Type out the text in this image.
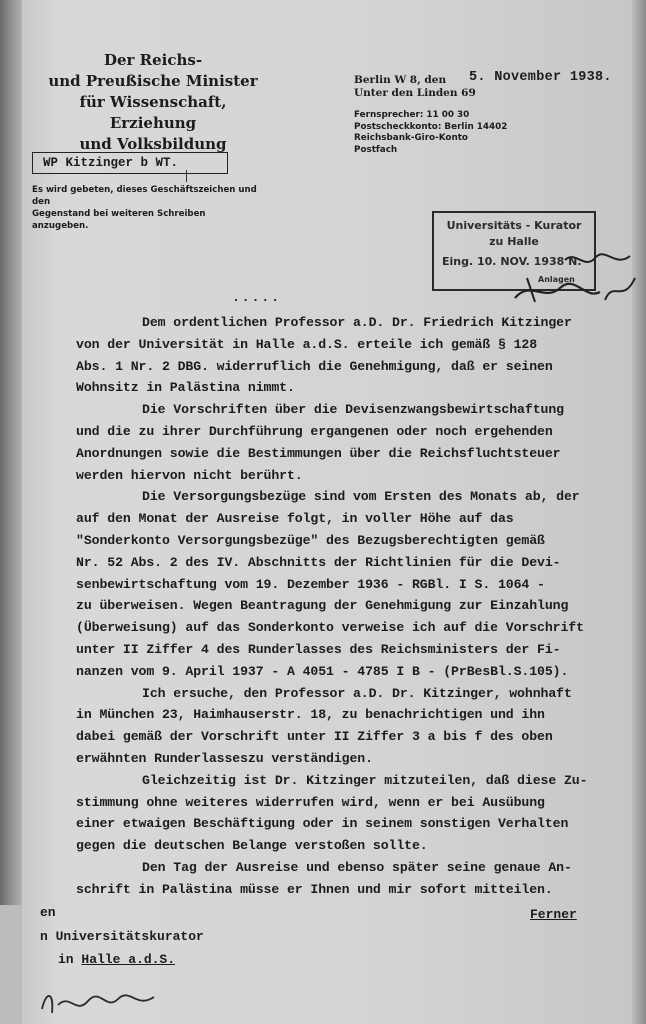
Der Reichs-
und Preußische Minister
für Wissenschaft, Erziehung
und Volksbildung
WP Kitzinger b WT.
Es wird gebeten, dieses Geschäftszeichen und den
Gegenstand bei weiteren Schreiben anzugeben.
Berlin W 8, den
Unter den Linden 69
5. November 1938.
Fernsprecher: 11 00 30
Postscheckkonto: Berlin 14402
Reichsbank-Giro-Konto
Postfach
Universitäts - Kurator
zu Halle
Eing. 10. NOV. 1938 N.
Anlagen
.....

Dem ordentlichen Professor a.D. Dr. Friedrich Kitzinger

von der Universität in Halle a.d.S. erteile ich gemäß § 128

Abs. 1 Nr. 2 DBG. widerruflich die Genehmigung, daß er seinen

Wohnsitz in Palästina nimmt.

Die Vorschriften über die Devisenzwangsbewirtschaftung

und die zu ihrer Durchführung ergangenen oder noch ergehenden

Anordnungen sowie die Bestimmungen über die Reichsfluchtsteuer

werden hiervon nicht berührt.

Die Versorgungsbezüge sind vom Ersten des Monats ab, der

auf den Monat der Ausreise folgt, in voller Höhe auf das

"Sonderkonto Versorgungsbezüge" des Bezugsberechtigten gemäß

Nr. 52 Abs. 2 des IV. Abschnitts der Richtlinien für die Devi-

senbewirtschaftung vom 19. Dezember 1936 - RGBl. I S. 1064 -

zu überweisen. Wegen Beantragung der Genehmigung zur Einzahlung

(Überweisung) auf das Sonderkonto verweise ich auf die Vorschrift

unter II Ziffer 4 des Runderlasses des Reichsministers der Fi-

nanzen vom 9. April 1937 - A 4051 - 4785 I B - (PrBesBl.S.105).

Ich ersuche, den Professor a.D. Dr. Kitzinger, wohnhaft

in München 23, Haimhauserstr. 18, zu benachrichtigen und ihn

dabei gemäß der Vorschrift unter II Ziffer 3 a bis f des oben

erwähnten Runderlasseszu verständigen.

Gleichzeitig ist Dr. Kitzinger mitzuteilen, daß diese Zu-

stimmung ohne weiteres widerrufen wird, wenn er bei Ausübung

einer etwaigen Beschäftigung oder in seinem sonstigen Verhalten

gegen die deutschen Belange verstoßen sollte.

Den Tag der Ausreise und ebenso später seine genaue An-

schrift in Palästina müsse er Ihnen und mir sofort mitteilen.

Ferner
en
n Universitätskurator
in Halle a.d.S.
